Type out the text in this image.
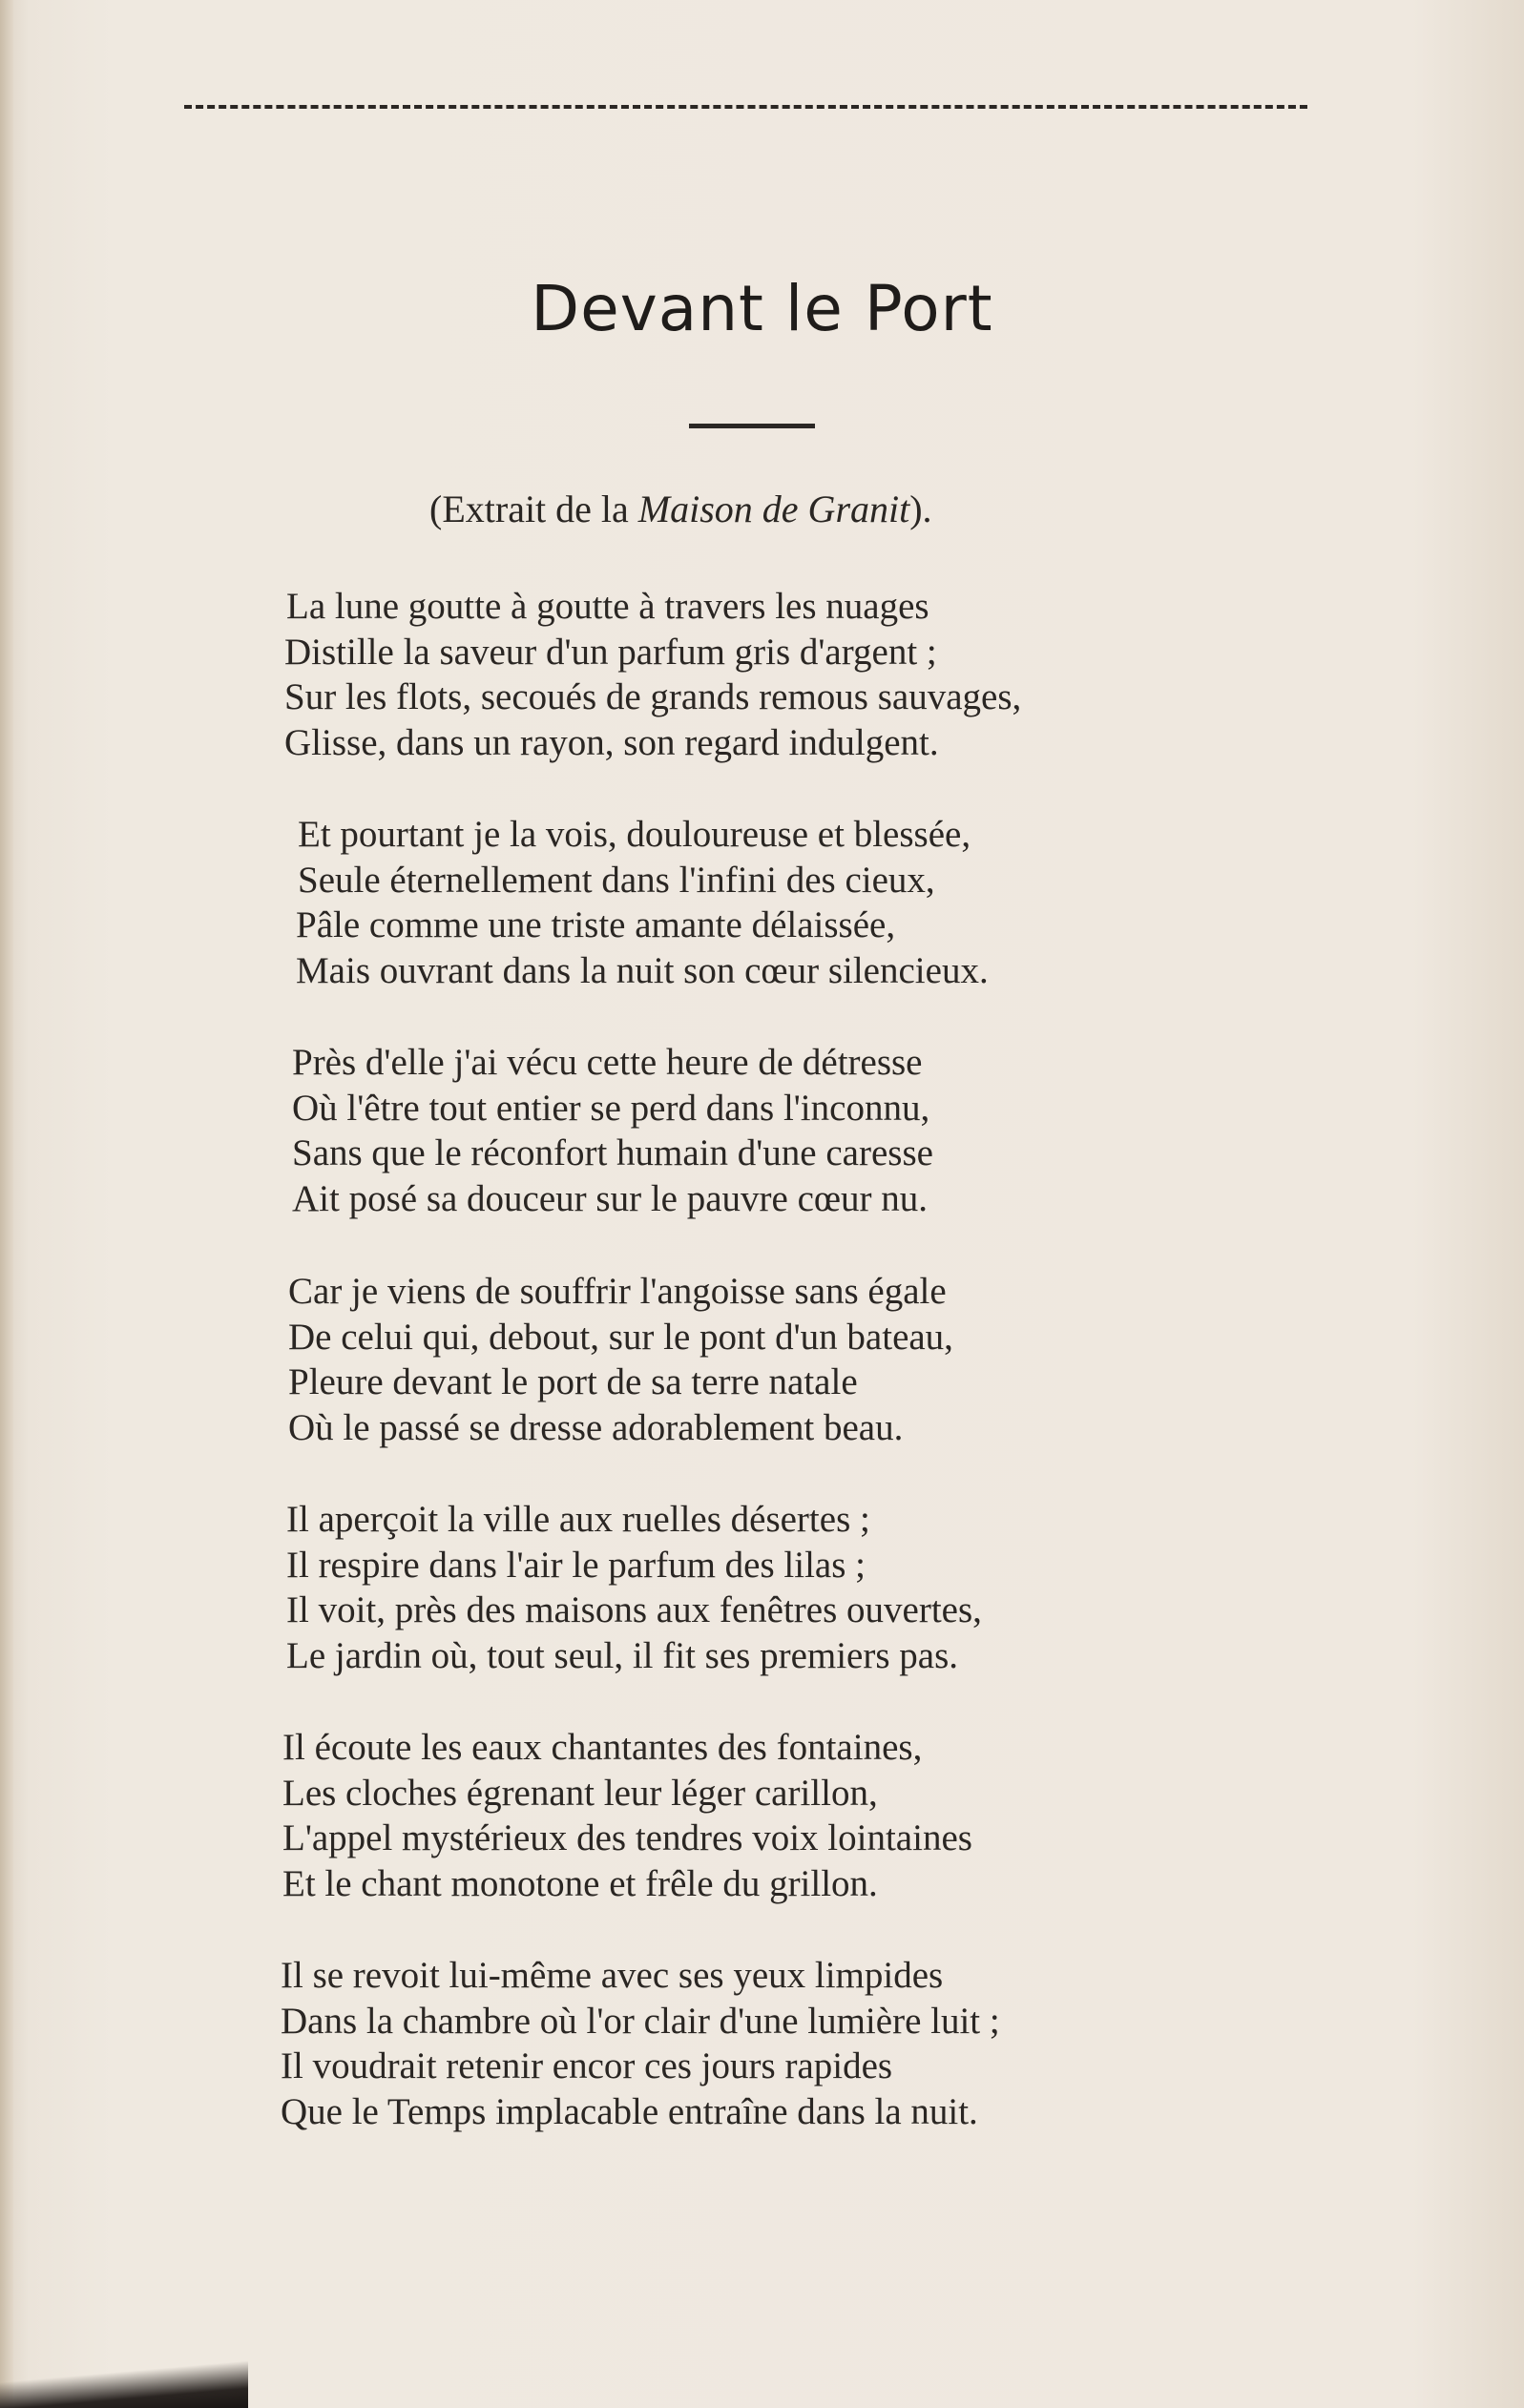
Devant le Port
(Extrait de la Maison de Granit).
La lune goutte à goutte à travers les nuages
Distille la saveur d'un parfum gris d'argent ;
Sur les flots, secoués de grands remous sauvages,
Glisse, dans un rayon, son regard indulgent.
Et pourtant je la vois, douloureuse et blessée,
Seule éternellement dans l'infini des cieux,
Pâle comme une triste amante délaissée,
Mais ouvrant dans la nuit son cœur silencieux.
Près d'elle j'ai vécu cette heure de détresse
Où l'être tout entier se perd dans l'inconnu,
Sans que le réconfort humain d'une caresse
Ait posé sa douceur sur le pauvre cœur nu.
Car je viens de souffrir l'angoisse sans égale
De celui qui, debout, sur le pont d'un bateau,
Pleure devant le port de sa terre natale
Où le passé se dresse adorablement beau.
Il aperçoit la ville aux ruelles désertes ;
Il respire dans l'air le parfum des lilas ;
Il voit, près des maisons aux fenêtres ouvertes,
Le jardin où, tout seul, il fit ses premiers pas.
Il écoute les eaux chantantes des fontaines,
Les cloches égrenant leur léger carillon,
L'appel mystérieux des tendres voix lointaines
Et le chant monotone et frêle du grillon.
Il se revoit lui-même avec ses yeux limpides
Dans la chambre où l'or clair d'une lumière luit ;
Il voudrait retenir encor ces jours rapides
Que le Temps implacable entraîne dans la nuit.
